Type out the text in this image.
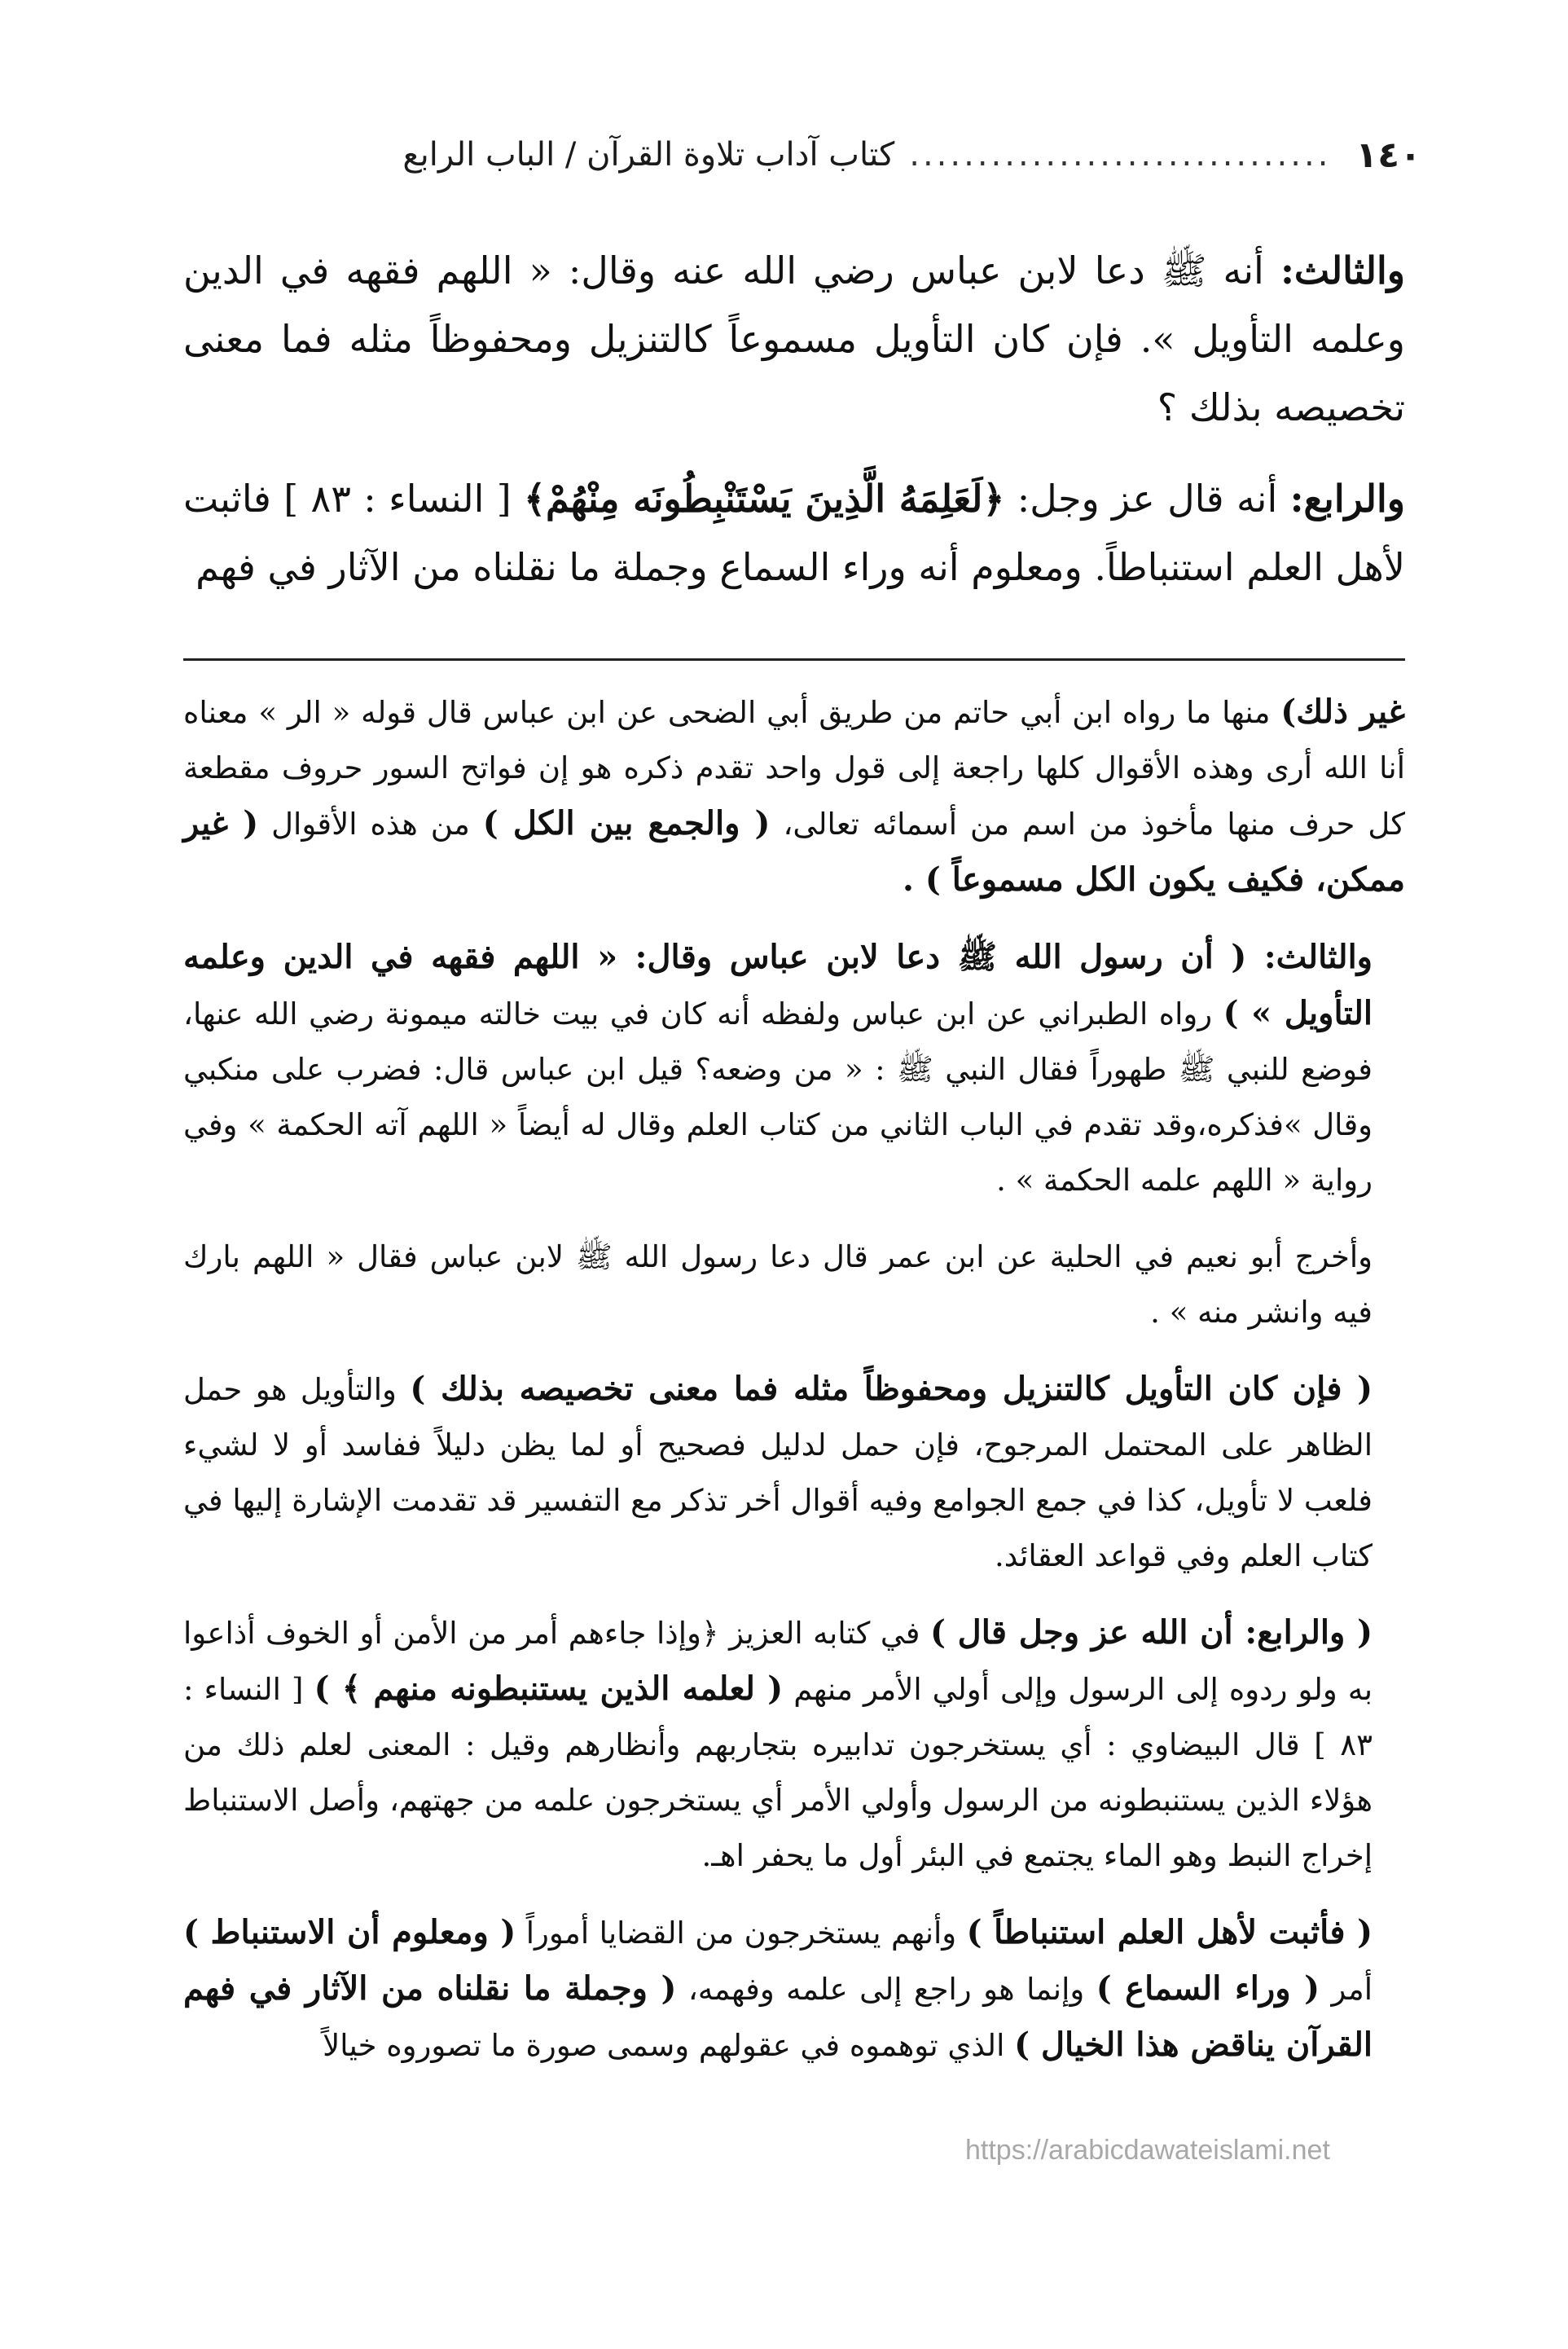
١٤٠
...............................
كتاب آداب تلاوة القرآن / الباب الرابع

والثالث: أنه ﷺ دعا لابن عباس رضي الله عنه وقال: « اللهم فقهه في الدين وعلمه التأويل ». فإن كان التأويل مسموعاً كالتنزيل ومحفوظاً مثله فما معنى تخصيصه بذلك ؟

والرابع: أنه قال عز وجل: ﴿لَعَلِمَهُ الَّذِينَ يَسْتَنْبِطُونَه مِنْهُمْ﴾ [ النساء : ٨٣ ] فاثبت لأهل العلم استنباطاً. ومعلوم أنه وراء السماع وجملة ما نقلناه من الآثار في فهم

غير ذلك) منها ما رواه ابن أبي حاتم من طريق أبي الضحى عن ابن عباس قال قوله « الر » معناه أنا الله أرى وهذه الأقوال كلها راجعة إلى قول واحد تقدم ذكره هو إن فواتح السور حروف مقطعة كل حرف منها مأخوذ من اسم من أسمائه تعالى، ( والجمع بين الكل ) من هذه الأقوال ( غير ممكن، فكيف يكون الكل مسموعاً ) .

والثالث: ( أن رسول الله ﷺ دعا لابن عباس وقال: « اللهم فقهه في الدين وعلمه التأويل » ) رواه الطبراني عن ابن عباس ولفظه أنه كان في بيت خالته ميمونة رضي الله عنها، فوضع للنبي ﷺ طهوراً فقال النبي ﷺ : « من وضعه؟ قيل ابن عباس قال: فضرب على منكبي وقال »فذكره،وقد تقدم في الباب الثاني من كتاب العلم وقال له أيضاً « اللهم آته الحكمة » وفي رواية « اللهم علمه الحكمة » .

وأخرج أبو نعيم في الحلية عن ابن عمر قال دعا رسول الله ﷺ لابن عباس فقال « اللهم بارك فيه وانشر منه » .

( فإن كان التأويل كالتنزيل ومحفوظاً مثله فما معنى تخصيصه بذلك ) والتأويل هو حمل الظاهر على المحتمل المرجوح، فإن حمل لدليل فصحيح أو لما يظن دليلاً ففاسد أو لا لشيء فلعب لا تأويل، كذا في جمع الجوامع وفيه أقوال أخر تذكر مع التفسير قد تقدمت الإشارة إليها في كتاب العلم وفي قواعد العقائد.

( والرابع: أن الله عز وجل قال ) في كتابه العزيز ﴿وإذا جاءهم أمر من الأمن أو الخوف أذاعوا به ولو ردوه إلى الرسول وإلى أولي الأمر منهم ( لعلمه الذين يستنبطونه منهم ﴾ ) [ النساء : ٨٣ ] قال البيضاوي : أي يستخرجون تدابيره بتجاربهم وأنظارهم وقيل : المعنى لعلم ذلك من هؤلاء الذين يستنبطونه من الرسول وأولي الأمر أي يستخرجون علمه من جهتهم، وأصل الاستنباط إخراج النبط وهو الماء يجتمع في البئر أول ما يحفر اهـ.

( فأثبت لأهل العلم استنباطاً ) وأنهم يستخرجون من القضايا أموراً ( ومعلوم أن الاستنباط ) أمر ( وراء السماع ) وإنما هو راجع إلى علمه وفهمه، ( وجملة ما نقلناه من الآثار في فهم القرآن يناقض هذا الخيال ) الذي توهموه في عقولهم وسمى صورة ما تصوروه خيالاً

https://arabicdawateislami.net
